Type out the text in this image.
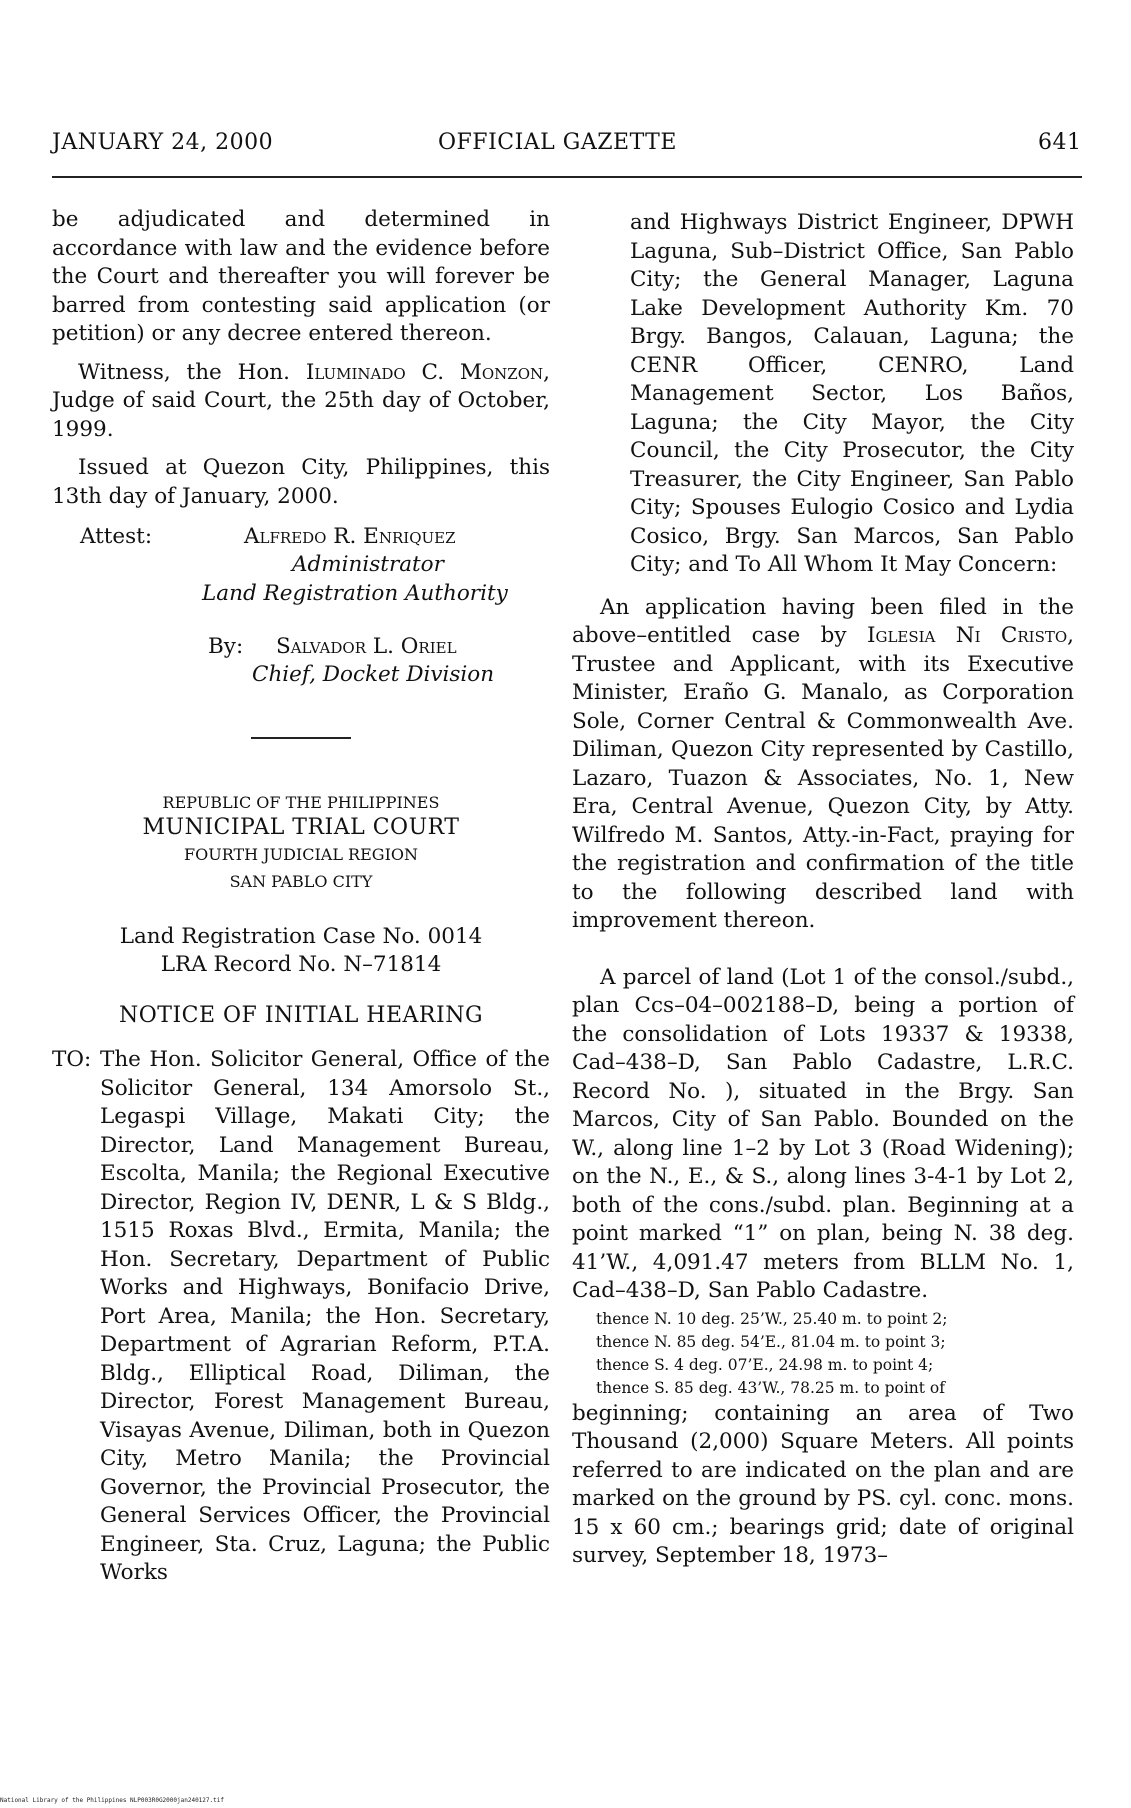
JANUARY 24, 2000	OFFICIAL GAZETTE	641

be adjudicated and determined in accordance with law and the evidence before the Court and thereafter you will forever be barred from contesting said application (or petition) or any decree entered thereon.

Witness, the Hon. Iluminado C. Monzon, Judge of said Court, the 25th day of October, 1999.

Issued at Quezon City, Philippines, this 13th day of January, 2000.

Attest:	Alfredo R. Enriquez
Administrator
Land Registration Authority
By: Salvador L. Oriel
Chief, Docket Division
REPUBLIC OF THE PHILIPPINES
MUNICIPAL TRIAL COURT
FOURTH JUDICIAL REGION
SAN PABLO CITY
Land Registration Case No. 0014
LRA Record No. N–71814
NOTICE OF INITIAL HEARING
TO: The Hon. Solicitor General, Office of the Solicitor General, 134 Amorsolo St., Legaspi Village, Makati City; the Director, Land Management Bureau, Escolta, Manila; the Regional Executive Director, Region IV, DENR, L & S Bldg., 1515 Roxas Blvd., Ermita, Manila; the Hon. Secretary, Department of Public Works and Highways, Bonifacio Drive, Port Area, Manila; the Hon. Secretary, Department of Agrarian Reform, P.T.A. Bldg., Elliptical Road, Diliman, the Director, Forest Management Bureau, Visayas Avenue, Diliman, both in Quezon City, Metro Manila; the Provincial Governor, the Provincial Prosecutor, the General Services Officer, the Provincial Engineer, Sta. Cruz, Laguna; the Public Works

and Highways District Engineer, DPWH Laguna, Sub–District Office, San Pablo City; the General Manager, Laguna Lake Development Authority Km. 70 Brgy. Bangos, Calauan, Laguna; the CENR Officer, CENRO, Land Management Sector, Los Baños, Laguna; the City Mayor, the City Council, the City Prosecutor, the City Treasurer, the City Engineer, San Pablo City; Spouses Eulogio Cosico and Lydia Cosico, Brgy. San Marcos, San Pablo City; and To All Whom It May Concern:

An application having been filed in the above–entitled case by Iglesia Ni Cristo, Trustee and Applicant, with its Executive Minister, Eraño G. Manalo, as Corporation Sole, Corner Central & Commonwealth Ave. Diliman, Quezon City represented by Castillo, Lazaro, Tuazon & Associates, No. 1, New Era, Central Avenue, Quezon City, by Atty. Wilfredo M. Santos, Atty.-in-Fact, praying for the registration and confirmation of the title to the following described land with improvement thereon.

A parcel of land (Lot 1 of the consol./subd., plan Ccs–04–002188–D, being a portion of the consolidation of Lots 19337 & 19338, Cad–438–D, San Pablo Cadastre, L.R.C. Record No. ), situated in the Brgy. San Marcos, City of San Pablo. Bounded on the W., along line 1–2 by Lot 3 (Road Widening); on the N., E., & S., along lines 3-4-1 by Lot 2, both of the cons./subd. plan. Beginning at a point marked “1” on plan, being N. 38 deg. 41’W., 4,091.47 meters from BLLM No. 1, Cad–438–D, San Pablo Cadastre.

thence N. 10 deg. 25’W., 25.40 m. to point 2;
thence N. 85 deg. 54’E., 81.04 m. to point 3;
thence S. 4 deg. 07’E., 24.98 m. to point 4;
thence S. 85 deg. 43’W., 78.25 m. to point of

beginning; containing an area of Two Thousand (2,000) Square Meters. All points referred to are indicated on the plan and are marked on the ground by PS. cyl. conc. mons. 15 x 60 cm.; bearings grid; date of original survey, September 18, 1973–

National Library of the Philippines NLP003R0G2000jan240127.tif
